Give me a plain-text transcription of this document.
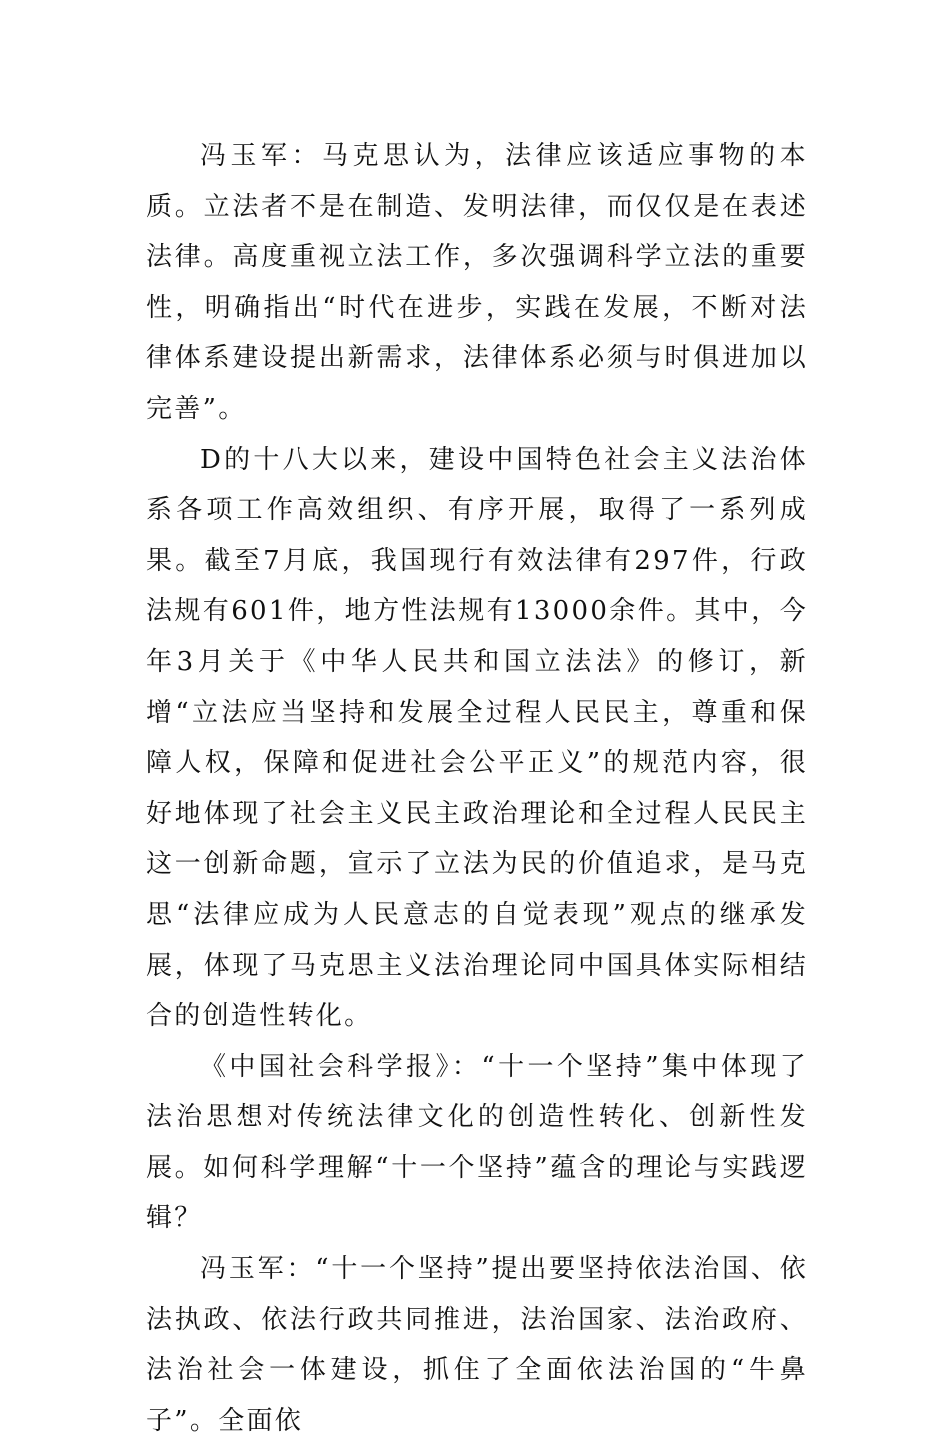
冯玉军：马克思认为，法律应该适应事物的本质。立法者不是在制造、发明法律，而仅仅是在表述法律。高度重视立法工作，多次强调科学立法的重要性，明确指出“时代在进步，实践在发展，不断对法律体系建设提出新需求，法律体系必须与时俱进加以完善”。

D的十八大以来，建设中国特色社会主义法治体系各项工作高效组织、有序开展，取得了一系列成果。截至7月底，我国现行有效法律有297件，行政法规有601件，地方性法规有13000余件。其中，今年3月关于《中华人民共和国立法法》的修订，新增“立法应当坚持和发展全过程人民民主，尊重和保障人权，保障和促进社会公平正义”的规范内容，很好地体现了社会主义民主政治理论和全过程人民民主这一创新命题，宣示了立法为民的价值追求，是马克思“法律应成为人民意志的自觉表现”观点的继承发展，体现了马克思主义法治理论同中国具体实际相结合的创造性转化。

《中国社会科学报》：“十一个坚持”集中体现了法治思想对传统法律文化的创造性转化、创新性发展。如何科学理解“十一个坚持”蕴含的理论与实践逻辑？

冯玉军：“十一个坚持”提出要坚持依法治国、依法执政、依法行政共同推进，法治国家、法治政府、法治社会一体建设，抓住了全面依法治国的“牛鼻子”。全面依
